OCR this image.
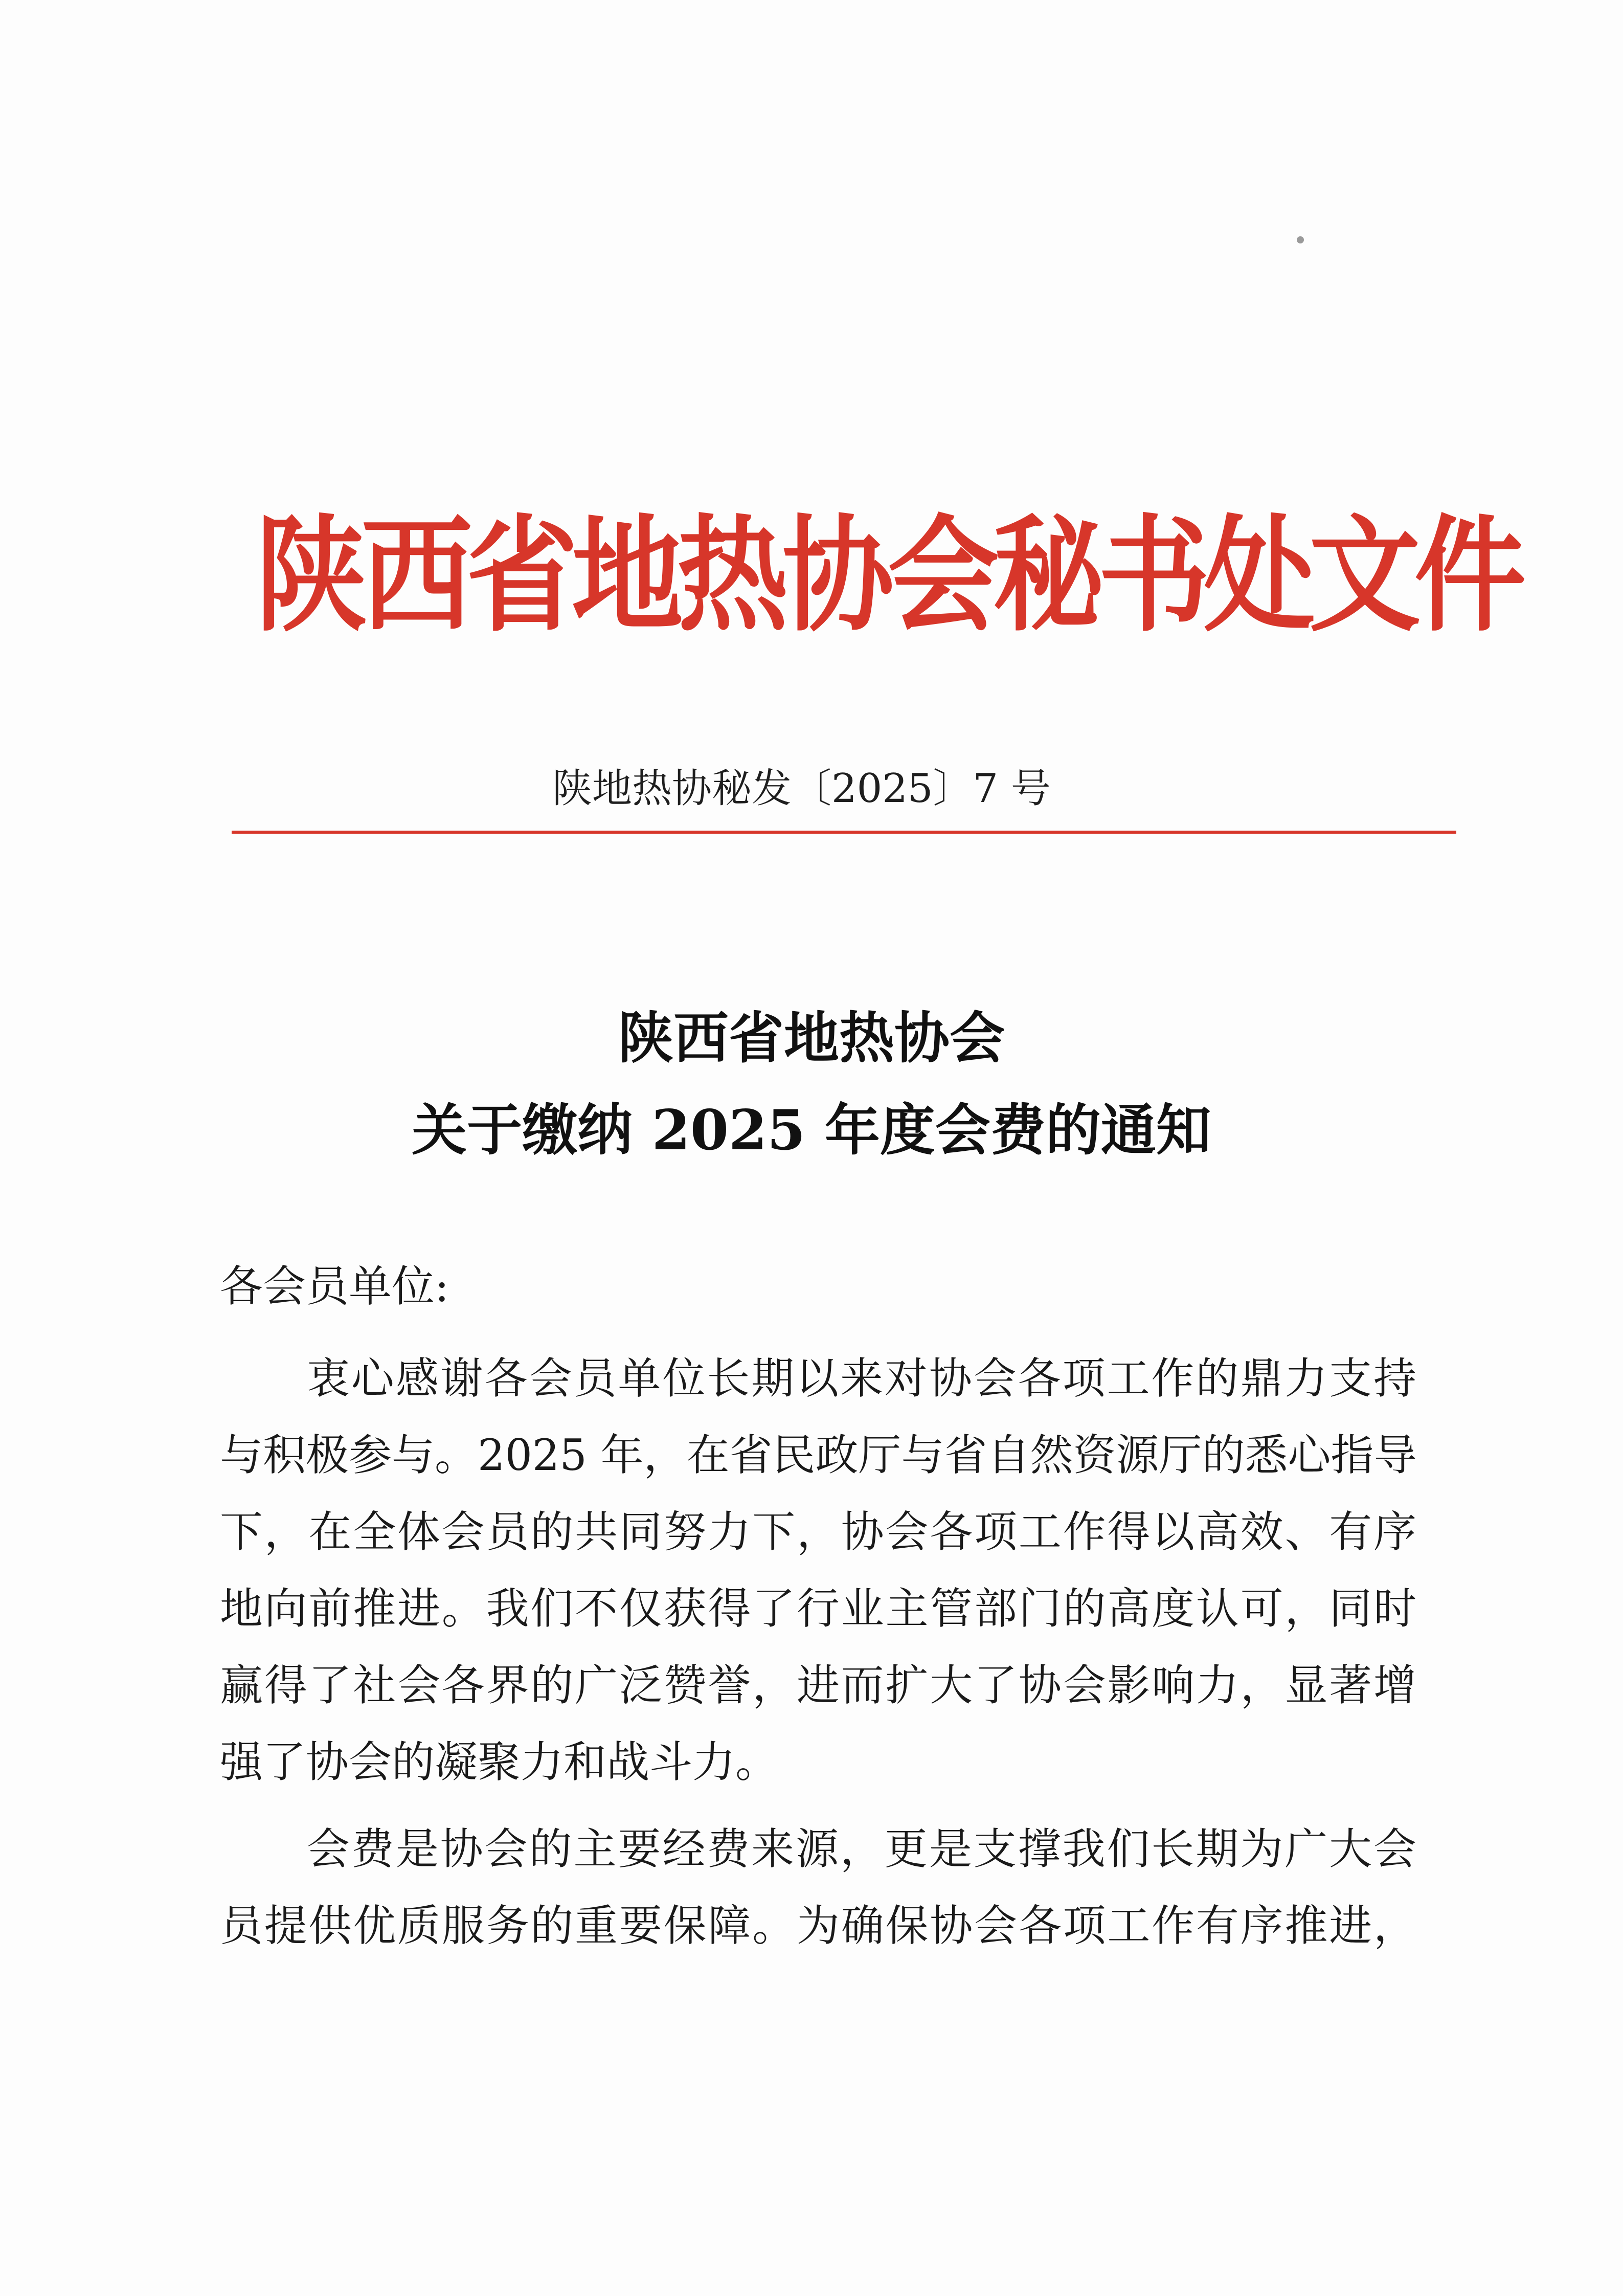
陕西省地热协会秘书处文件
陕地热协秘发〔2025〕7 号
陕西省地热协会
关于缴纳 2025 年度会费的通知
各会员单位:
衷心感谢各会员单位长期以来对协会各项工作的鼎力支持
与积极参与。2025 年，在省民政厅与省自然资源厅的悉心指导
下，在全体会员的共同努力下，协会各项工作得以高效、有序
地向前推进。我们不仅获得了行业主管部门的高度认可，同时
赢得了社会各界的广泛赞誉，进而扩大了协会影响力，显著增
强了协会的凝聚力和战斗力。
会费是协会的主要经费来源，更是支撑我们长期为广大会
员提供优质服务的重要保障。为确保协会各项工作有序推进，
